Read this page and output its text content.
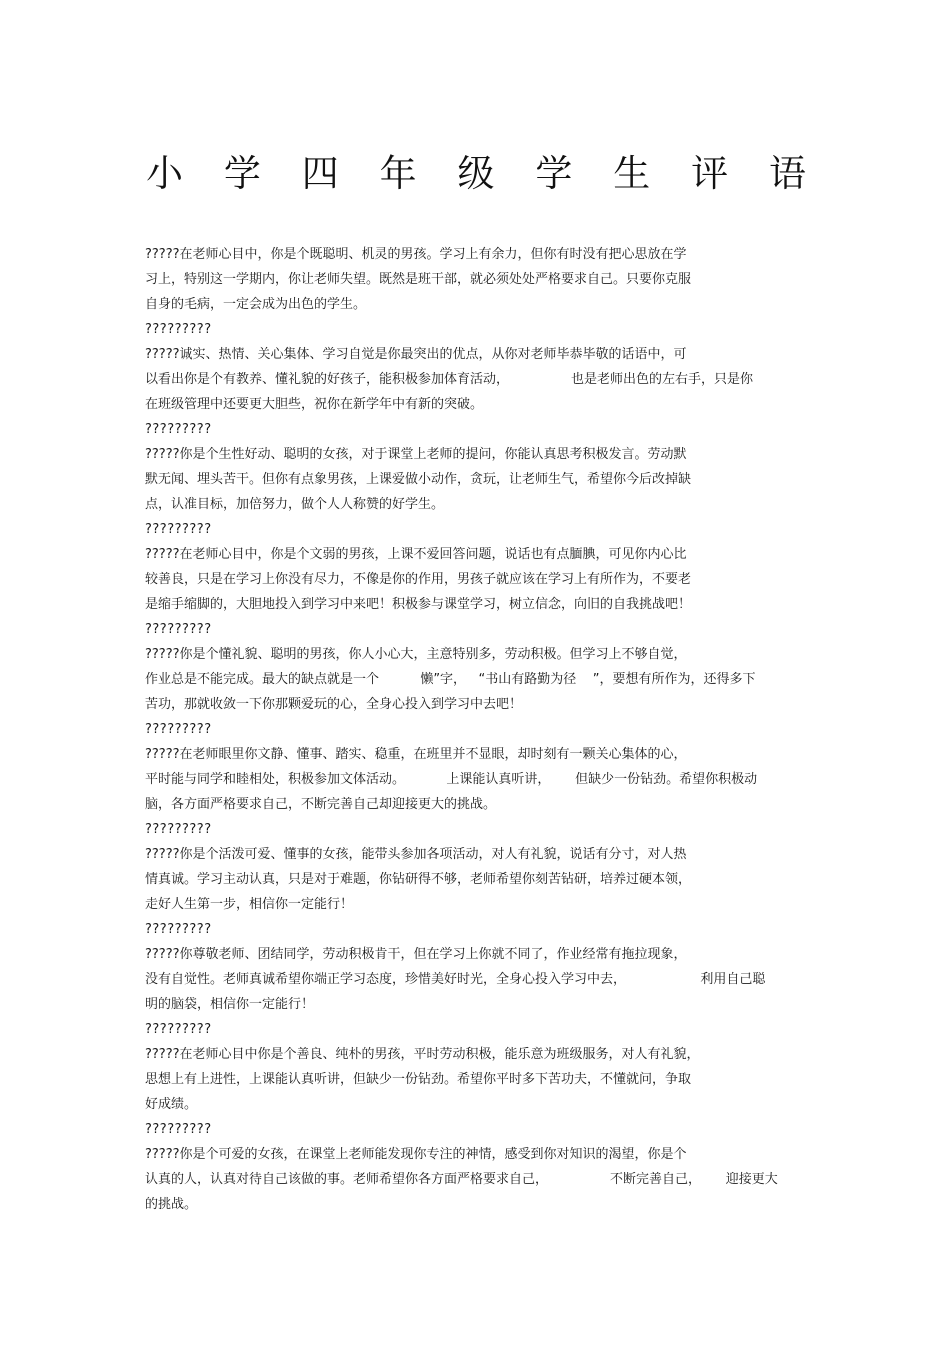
小 学 四 年 级 学 生 评 语
?????在老师心目中，你是个既聪明、机灵的男孩。学习上有余力，但你有时没有把心思放在学
习上，特别这一学期内，你让老师失望。既然是班干部，就必须处处严格要求自己。只要你克服
自身的毛病，一定会成为出色的学生。
?????????
?????诚实、热情、关心集体、学习自觉是你最突出的优点，从你对老师毕恭毕敬的话语中，可
以看出你是个有教养、懂礼貌的好孩子，能积极参加体育活动，               也是老师出色的左右手，只是你
在班级管理中还要更大胆些，祝你在新学年中有新的突破。
?????????
?????你是个生性好动、聪明的女孩，对于课堂上老师的提问，你能认真思考积极发言。劳动默
默无闻、埋头苦干。但你有点象男孩，上课爱做小动作，贪玩，让老师生气，希望你今后改掉缺
点，认准目标，加倍努力，做个人人称赞的好学生。
?????????
?????在老师心目中，你是个文弱的男孩，上课不爱回答问题，说话也有点腼腆，可见你内心比
较善良，只是在学习上你没有尽力，不像是你的作用，男孩子就应该在学习上有所作为，不要老
是缩手缩脚的，大胆地投入到学习中来吧！积极参与课堂学习，树立信念，向旧的自我挑战吧！
?????????
?????你是个懂礼貌、聪明的男孩，你人小心大，主意特别多，劳动积极。但学习上不够自觉，
作业总是不能完成。最大的缺点就是一个          懒”字，   “书山有路勤为径    ”，要想有所作为，还得多下
苦功，那就收敛一下你那颗爱玩的心，全身心投入到学习中去吧！
?????????
?????在老师眼里你文静、懂事、踏实、稳重，在班里并不显眼，却时刻有一颗关心集体的心，
平时能与同学和睦相处，积极参加文体活动。          上课能认真听讲，      但缺少一份钻劲。希望你积极动
脑，各方面严格要求自己，不断完善自己却迎接更大的挑战。
?????????
?????你是个活泼可爱、懂事的女孩，能带头参加各项活动，对人有礼貌，说话有分寸，对人热
情真诚。学习主动认真，只是对于难题，你钻研得不够，老师希望你刻苦钻研，培养过硬本领，
走好人生第一步，相信你一定能行！
?????????
?????你尊敬老师、团结同学，劳动积极肯干，但在学习上你就不同了，作业经常有拖拉现象，
没有自觉性。老师真诚希望你端正学习态度，珍惜美好时光，全身心投入学习中去，                  利用自己聪
明的脑袋，相信你一定能行！
?????????
?????在老师心目中你是个善良、纯朴的男孩，平时劳动积极，能乐意为班级服务，对人有礼貌，
思想上有上进性，上课能认真听讲，但缺少一份钻劲。希望你平时多下苦功夫，不懂就问，争取
好成绩。
?????????
?????你是个可爱的女孩，在课堂上老师能发现你专注的神情，感受到你对知识的渴望，你是个
认真的人，认真对待自己该做的事。老师希望你各方面严格要求自己，               不断完善自己，      迎接更大
的挑战。
